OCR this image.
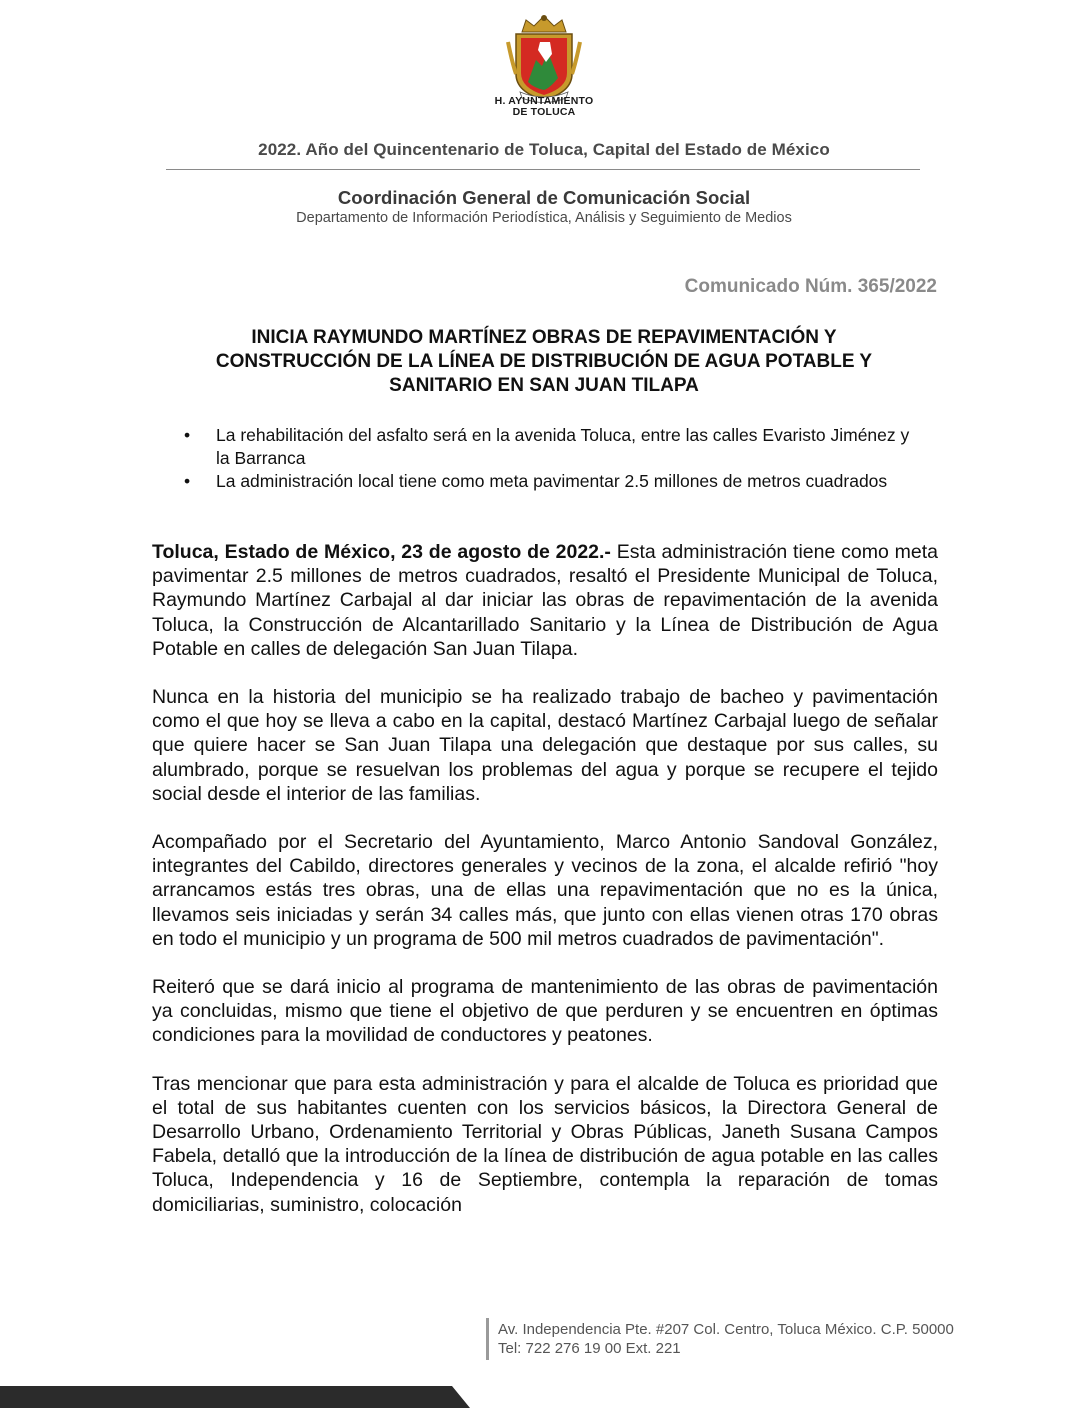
H. AYUNTAMIENTO
DE TOLUCA
2022. Año del Quincentenario de Toluca, Capital del Estado de México
Coordinación General de Comunicación Social
Departamento de Información Periodística, Análisis y Seguimiento de Medios
Comunicado Núm. 365/2022
INICIA RAYMUNDO MARTÍNEZ OBRAS DE REPAVIMENTACIÓN Y
CONSTRUCCIÓN DE LA LÍNEA DE DISTRIBUCIÓN DE AGUA POTABLE Y
SANITARIO EN SAN JUAN TILAPA
• La rehabilitación del asfalto será en la avenida Toluca, entre las calles Evaristo Jiménez y la Barranca
• La administración local tiene como meta pavimentar 2.5 millones de metros cuadrados

Toluca, Estado de México, 23 de agosto de 2022.- Esta administración tiene como meta pavimentar 2.5 millones de metros cuadrados, resaltó el Presidente Municipal de Toluca, Raymundo Martínez Carbajal al dar iniciar las obras de repavimentación de la avenida Toluca, la Construcción de Alcantarillado Sanitario y la Línea de Distribución de Agua Potable en calles de delegación San Juan Tilapa.

Nunca en la historia del municipio se ha realizado trabajo de bacheo y pavimentación como el que hoy se lleva a cabo en la capital, destacó Martínez Carbajal luego de señalar que quiere hacer se San Juan Tilapa una delegación que destaque por sus calles, su alumbrado, porque se resuelvan los problemas del agua y porque se recupere el tejido social desde el interior de las familias.

Acompañado por el Secretario del Ayuntamiento, Marco Antonio Sandoval González, integrantes del Cabildo, directores generales y vecinos de la zona, el alcalde refirió "hoy arrancamos estás tres obras, una de ellas una repavimentación que no es la única, llevamos seis iniciadas y serán 34 calles más, que junto con ellas vienen otras 170 obras en todo el municipio y un programa de 500 mil metros cuadrados de pavimentación".

Reiteró que se dará inicio al programa de mantenimiento de las obras de pavimentación ya concluidas, mismo que tiene el objetivo de que perduren y se encuentren en óptimas condiciones para la movilidad de conductores y peatones.

Tras mencionar que para esta administración y para el alcalde de Toluca es prioridad que el total de sus habitantes cuenten con los servicios básicos, la Directora General de Desarrollo Urbano, Ordenamiento Territorial y Obras Públicas, Janeth Susana Campos Fabela, detalló que la introducción de la línea de distribución de agua potable en las calles Toluca, Independencia y 16 de Septiembre, contempla la reparación de tomas domiciliarias, suministro, colocación

Av. Independencia Pte. #207 Col. Centro, Toluca México. C.P. 50000
Tel: 722 276 19 00 Ext. 221
